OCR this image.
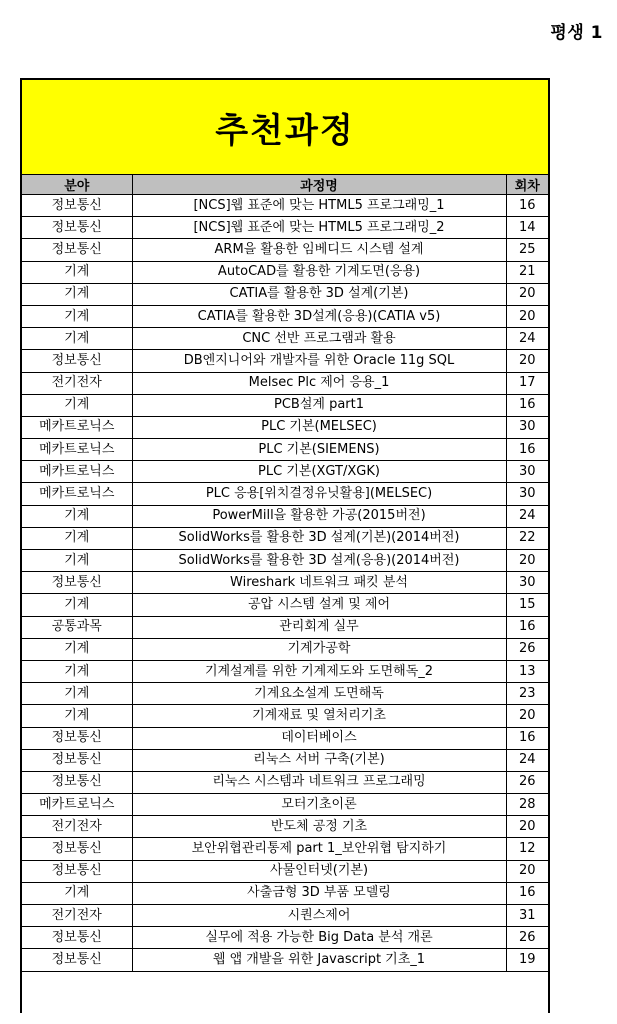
평생 1
추천과정
분야	과정명	회차
정보통신	[NCS]웹 표준에 맞는 HTML5 프로그래밍_1	16
정보통신	[NCS]웹 표준에 맞는 HTML5 프로그래밍_2	14
정보통신	ARM을 활용한 임베디드 시스템 설계	25
기계	AutoCAD를 활용한 기계도면(응용)	21
기계	CATIA를 활용한 3D 설계(기본)	20
기계	CATIA를 활용한 3D설계(응용)(CATIA v5)	20
기계	CNC 선반 프로그램과 활용	24
정보통신	DB엔지니어와 개발자를 위한 Oracle 11g SQL	20
전기전자	Melsec Plc 제어 응용_1	17
기계	PCB설계 part1	16
메카트로닉스	PLC 기본(MELSEC)	30
메카트로닉스	PLC 기본(SIEMENS)	16
메카트로닉스	PLC 기본(XGT/XGK)	30
메카트로닉스	PLC 응용[위치결정유닛활용](MELSEC)	30
기계	PowerMill을 활용한 가공(2015버전)	24
기계	SolidWorks를 활용한 3D 설계(기본)(2014버전)	22
기계	SolidWorks를 활용한 3D 설계(응용)(2014버전)	20
정보통신	Wireshark 네트워크 패킷 분석	30
기계	공압 시스템 설계 및 제어	15
공통과목	관리회계 실무	16
기계	기계가공학	26
기계	기계설계를 위한 기계제도와 도면해독_2	13
기계	기계요소설계 도면해독	23
기계	기계재료 및 열처리기초	20
정보통신	데이터베이스	16
정보통신	리눅스 서버 구축(기본)	24
정보통신	리눅스 시스템과 네트워크 프로그래밍	26
메카트로닉스	모터기초이론	28
전기전자	반도체 공정 기초	20
정보통신	보안위협관리통제 part 1_보안위협 탐지하기	12
정보통신	사물인터넷(기본)	20
기계	사출금형 3D 부품 모델링	16
전기전자	시퀀스제어	31
정보통신	실무에 적용 가능한 Big Data 분석 개론	26
정보통신	웹 앱 개발을 위한 Javascript 기초_1	19
